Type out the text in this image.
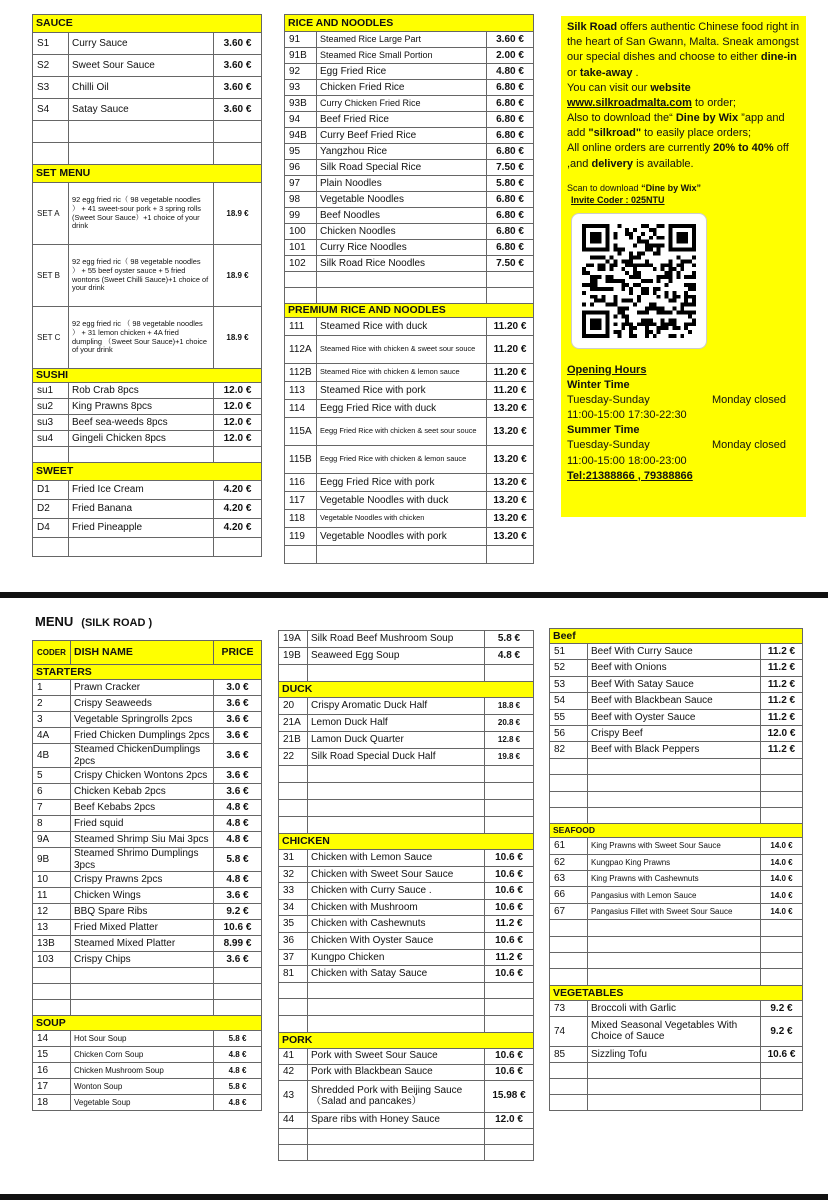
SAUCE		
S1	Curry Sauce	3.60 €
S2	Sweet Sour Sauce	3.60 €
S3	Chilli Oil	3.60 €
S4	Satay Sauce	3.60 €

SET MENU		
SET A	92 egg fried ric（ 98 vegetable noodles ） + 41 sweet-sour pork + 3 spring rolls (Sweet Sour Sauce）+1 choice of your drink	18.9 €
SET B	92 egg fried ric（ 98 vegetable noodles ） + 55 beef oyster sauce + 5 fried wontons (Sweet Chilli Sauce)+1 choice of your drink	18.9 €
SET C	92 egg fried ric （ 98 vegetable noodles ） + 31 lemon chicken + 4A fried dumpling （Sweet Sour Sauce)+1 choice of your drink	18.9 €
SUSHI		
su1	Rob Crab 8pcs	12.0 €
su2	King Prawns 8pcs	12.0 €
su3	Beef sea-weeds 8pcs	12.0 €
su4	Gingeli Chicken 8pcs	12.0 €

SWEET		
D1	Fried Ice Cream	4.20 €
D2	Fried Banana	4.20 €
D4	Fried Pineapple	4.20 €

RICE AND NOODLES		
91	Steamed Rice Large Part	3.60 €
91B	Steamed Rice Small Portion	2.00 €
92	Egg Fried Rice	4.80 €
93	Chicken Fried Rice	6.80 €
93B	Curry Chicken Fried Rice	6.80 €
94	Beef Fried Rice	6.80 €
94B	Curry Beef Fried Rice	6.80 €
95	Yangzhou Rice	6.80 €
96	Silk Road Special Rice	7.50 €
97	Plain Noodles	5.80 €
98	Vegetable Noodles	6.80 €
99	Beef Noodles	6.80 €
100	Chicken Noodles	6.80 €
101	Curry Rice Noodles	6.80 €
102	Silk Road Rice Noodles	7.50 €

PREMIUM RICE AND NOODLES		
111	Steamed Rice with duck	11.20 €
112A	Steamed Rice with chicken & sweet sour souce	11.20 €
112B	Steamed Rice with chicken & lemon sauce	11.20 €
113	Steamed Rice with pork	11.20 €
114	Eegg Fried Rice with duck	13.20 €
115A	Eegg Fried Rice with chicken & seet sour souce	13.20 €
115B	Eegg Fried Rice with chicken & lemon sauce	13.20 €
116	Eegg Fried Rice with pork	13.20 €
117	Vegetable Noodles with duck	13.20 €
118	Vegetable Noodles with chicken	13.20 €
119	Vegetable Noodles with pork	13.20 €

Silk Road offers authentic Chinese food right in the heart of San Gwann, Malta. Sneak amongst our special dishes and choose to either dine-in or take-away .
You can visit our website
www.silkroadmalta.com to order;
Also to download the“ Dine by Wix ”app and add "silkroad" to easily place orders;
All online orders are currently 20% to 40% off ,and delivery is available.
Scan to download “Dine by Wix”
Invite Coder : 025NTU
Opening Hours
Winter Time
Tuesday-Sunday	Monday closed
11:00-15:00 17:30-22:30
Summer Time
Tuesday-Sunday	Monday closed
11:00-15:00 18:00-23:00
Tel:21388866 , 79388866
MENU (SILK ROAD )
CODER	DISH NAME	PRICE
STARTERS		
1	Prawn Cracker	3.0 €
2	Crispy Seaweeds	3.6 €
3	Vegetable Springrolls 2pcs	3.6 €
4A	Fried Chicken Dumplings 2pcs	3.6 €
4B	Steamed ChickenDumplings 2pcs	3.6 €
5	Crispy Chicken Wontons 2pcs	3.6 €
6	Chicken Kebab 2pcs	3.6 €
7	Beef Kebabs 2pcs	4.8 €
8	Fried squid	4.8 €
9A	Steamed Shrimp Siu Mai 3pcs	4.8 €
9B	Steamed Shrimo Dumplings 3pcs	5.8 €
10	Crispy Prawns 2pcs	4.8 €
11	Chicken Wings	3.6 €
12	BBQ Spare Ribs	9.2 €
13	Fried Mixed Platter	10.6 €
13B	Steamed Mixed Platter	8.99 €
103	Crispy Chips	3.6 €

SOUP		
14	Hot Sour Soup	5.8 €
15	Chicken Corn Soup	4.8 €
16	Chicken Mushroom Soup	4.8 €
17	Wonton Soup	5.8 €
18	Vegetable Soup	4.8 €
19A	Silk Road Beef Mushroom Soup	5.8 €
19B	Seaweed Egg Soup	4.8 €

DUCK		
20	Crispy Aromatic Duck Half	18.8 €
21A	Lemon Duck Half	20.8 €
21B	Lamon Duck Quarter	12.8 €
22	Silk Road Special Duck Half	19.8 €

CHICKEN		
31	Chicken with Lemon Sauce	10.6 €
32	Chicken with Sweet Sour Sauce	10.6 €
33	Chicken with Curry Sauce .	10.6 €
34	Chicken with Mushroom	10.6 €
35	Chicken with Cashewnuts	11.2 €
36	Chicken With Oyster Sauce	10.6 €
37	Kungpo Chicken	11.2 €
81	Chicken with Satay Sauce	10.6 €

PORK		
41	Pork with Sweet Sour Sauce	10.6 €
42	Pork with Blackbean Sauce	10.6 €
43	Shredded Pork with Beijing Sauce（Salad and pancakes）	15.98 €
44	Spare ribs with Honey Sauce	12.0 €

Beef		
51	Beef With Curry Sauce	11.2 €
52	Beef with Onions	11.2 €
53	Beef With Satay Sauce	11.2 €
54	Beef with Blackbean Sauce	11.2 €
55	Beef with Oyster Sauce	11.2 €
56	Crispy Beef	12.0 €
82	Beef with Black Peppers	11.2 €

SEAFOOD		
61	King Prawns with Sweet Sour Sauce	14.0 €
62	Kungpao King Prawns	14.0 €
63	King Prawns with Cashewnuts	14.0 €
66	Pangasius with Lemon Sauce	14.0 €
67	Pangasius Fillet with Sweet Sour Sauce	14.0 €

VEGETABLES		
73	Broccoli with Garlic	9.2 €
74	Mixed Seasonal Vegetables With Choice of Sauce	9.2 €
85	Sizzling Tofu	10.6 €
